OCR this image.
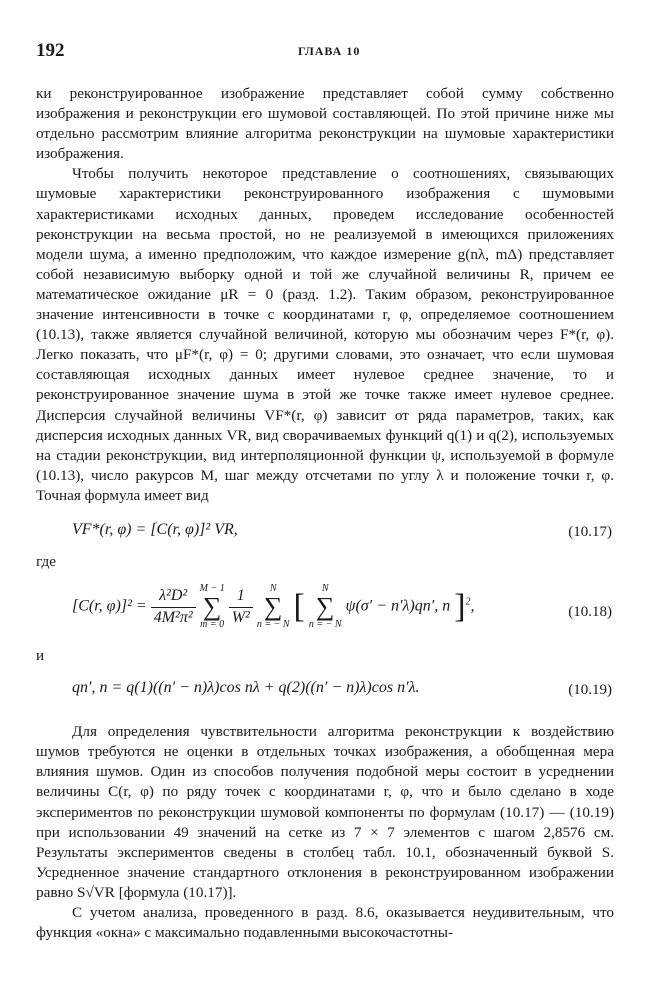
192	ГЛАВА 10

ки реконструированное изображение представляет собой сумму собственно изображения и реконструкции его шумовой составляющей. По этой причине ниже мы отдельно рассмотрим влияние алгоритма реконструкции на шумовые характеристики изображения.

Чтобы получить некоторое представление о соотношениях, связывающих шумовые характеристики реконструированного изображения с шумовыми характеристиками исходных данных, проведем исследование особенностей реконструкции на весьма простой, но не реализуемой в имеющихся приложениях модели шума, а именно предположим, что каждое измерение g(nλ, mΔ) представляет собой независимую выборку одной и той же случайной величины R, причем ее математическое ожидание μR = 0 (разд. 1.2). Таким образом, реконструированное значение интенсивности в точке с координатами r, φ, определяемое соотношением (10.13), также является случайной величиной, которую мы обозначим через F*(r, φ). Легко показать, что μF*(r, φ) = 0; другими словами, это означает, что если шумовая составляющая исходных данных имеет нулевое среднее значение, то и реконструированное значение шума в этой же точке также имеет нулевое среднее. Дисперсия случайной величины VF*(r, φ) зависит от ряда параметров, таких, как дисперсия исходных данных VR, вид сворачиваемых функций q(1) и q(2), используемых на стадии реконструкции, вид интерполяционной функции ψ, используемой в формуле (10.13), число ракурсов M, шаг между отсчетами по углу λ и положение точки r, φ. Точная формула имеет вид

VF*(r, φ) = [C(r, φ)]² VR,	(10.17)

где

[C(r, $\varphi)]^2 = \frac{\text{λ²D²}}{\text{4M²π²}}$
M − 1
∑
m = 0
$\frac{1}{\text{W²}}$
	N
∑
n = − N [	N
∑
n = − N
ψ(σ′ − n′λ)qn′, n ]$^2$,	(10.18)

и

qn′, n = q(1)((n′ − n)λ)cos nλ + q(2)((n′ − n)λ)cos n′λ.	(10.19)

Для определения чувствительности алгоритма реконструкции к воздействию шумов требуются не оценки в отдельных точках изображения, а обобщенная мера влияния шумов. Один из способов получения подобной меры состоит в усреднении величины C(r, φ) по ряду точек с координатами r, φ, что и было сделано в ходе экспериментов по реконструкции шумовой компоненты по формулам (10.17) — (10.19) при использовании 49 значений на сетке из 7 × 7 элементов с шагом 2,8576 см. Результаты экспериментов сведены в столбец табл. 10.1, обозначенный буквой S. Усредненное значение стандартного отклонения в реконструированном изображении равно S√VR [формула (10.17)].

С учетом анализа, проведенного в разд. 8.6, оказывается неудивительным, что функция «окна» с максимально подавленными высокочастотны-
